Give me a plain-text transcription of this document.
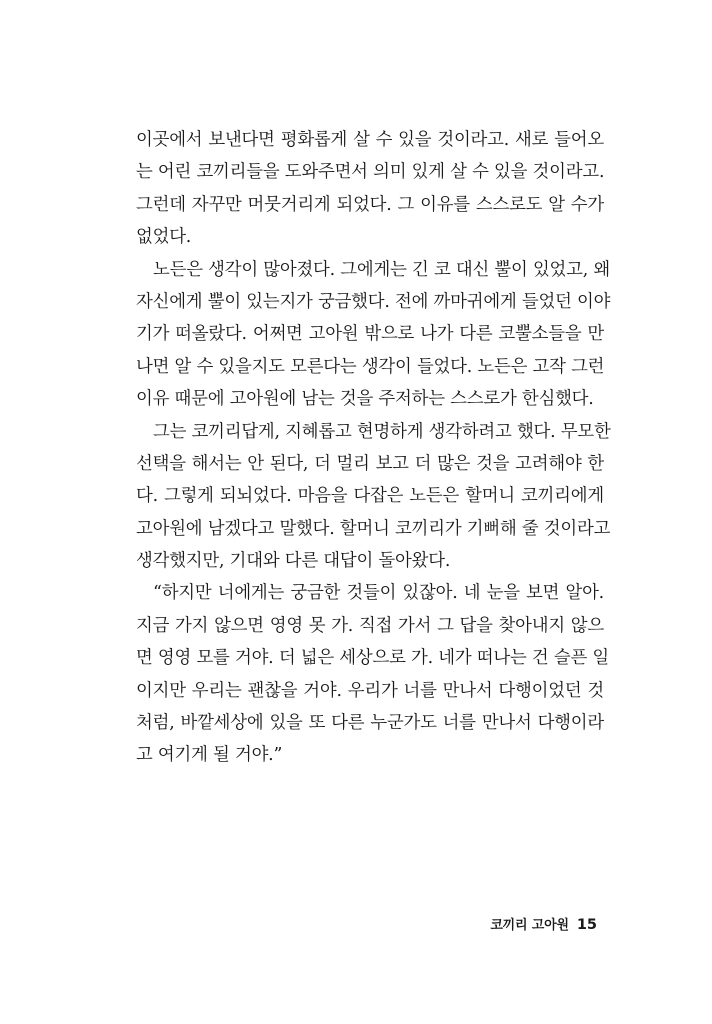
이곳에서 보낸다면 평화롭게 살 수 있을 것이라고. 새로 들어오
는 어린 코끼리들을 도와주면서 의미 있게 살 수 있을 것이라고.
그런데 자꾸만 머뭇거리게 되었다. 그 이유를 스스로도 알 수가
없었다.
노든은 생각이 많아졌다. 그에게는 긴 코 대신 뿔이 있었고, 왜
자신에게 뿔이 있는지가 궁금했다. 전에 까마귀에게 들었던 이야
기가 떠올랐다. 어쩌면 고아원 밖으로 나가 다른 코뿔소들을 만
나면 알 수 있을지도 모른다는 생각이 들었다. 노든은 고작 그런
이유 때문에 고아원에 남는 것을 주저하는 스스로가 한심했다.
그는 코끼리답게, 지혜롭고 현명하게 생각하려고 했다. 무모한
선택을 해서는 안 된다, 더 멀리 보고 더 많은 것을 고려해야 한
다. 그렇게 되뇌었다. 마음을 다잡은 노든은 할머니 코끼리에게
고아원에 남겠다고 말했다. 할머니 코끼리가 기뻐해 줄 것이라고
생각했지만, 기대와 다른 대답이 돌아왔다.
“하지만 너에게는 궁금한 것들이 있잖아. 네 눈을 보면 알아.
지금 가지 않으면 영영 못 가. 직접 가서 그 답을 찾아내지 않으
면 영영 모를 거야. 더 넓은 세상으로 가. 네가 떠나는 건 슬픈 일
이지만 우리는 괜찮을 거야. 우리가 너를 만나서 다행이었던 것
처럼, 바깥세상에 있을 또 다른 누군가도 너를 만나서 다행이라
고 여기게 될 거야.”
코끼리 고아원 15
